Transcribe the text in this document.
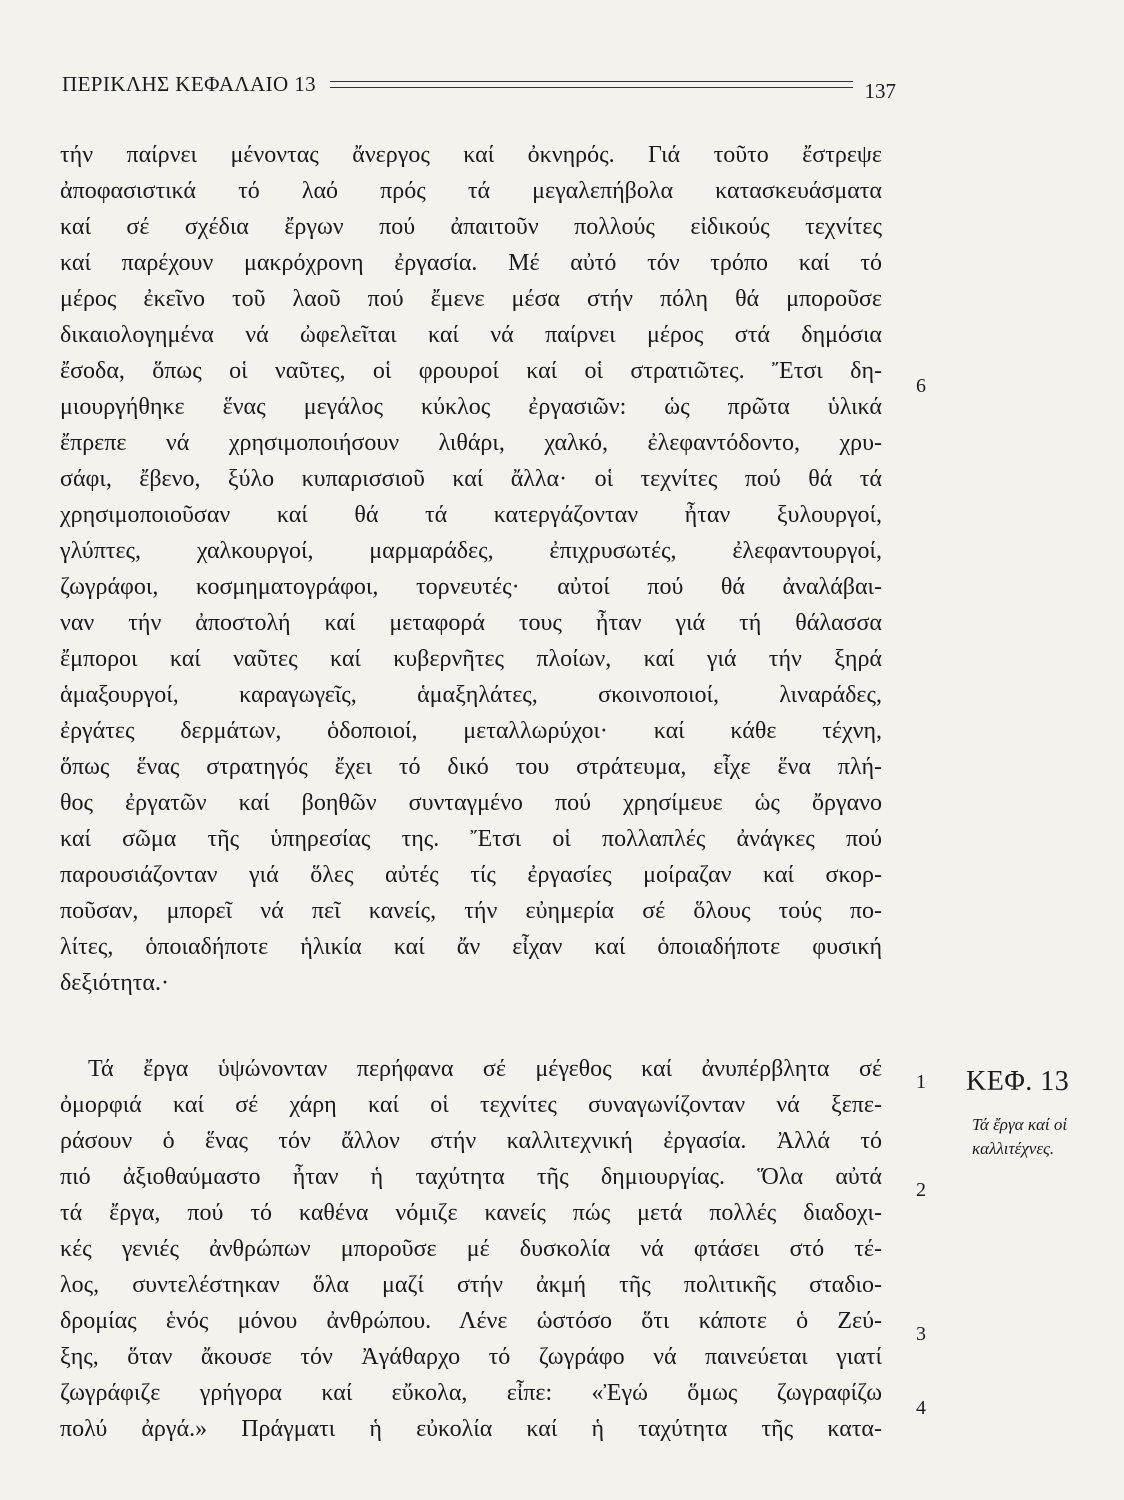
ΠΕΡΙΚΛΗΣ ΚΕΦΑΛΑΙΟ 13	137
τήν παίρνει μένοντας ἄνεργος καί ὀκνηρός. Γιά τοῦτο ἔστρεψε
ἀποφασιστικά τό λαό πρός τά μεγαλεπήβολα κατασκευάσματα
καί σέ σχέδια ἔργων πού ἀπαιτοῦν πολλούς εἰδικούς τεχνίτες
καί παρέχουν μακρόχρονη ἐργασία. Μέ αὐτό τόν τρόπο καί τό
μέρος ἐκεῖνο τοῦ λαοῦ πού ἔμενε μέσα στήν πόλη θά μποροῦσε
δικαιολογημένα νά ὠφελεῖται καί νά παίρνει μέρος στά δημόσια
ἔσοδα, ὅπως οἱ ναῦτες, οἱ φρουροί καί οἱ στρατιῶτες. Ἔτσι δη-
μιουργήθηκε ἕνας μεγάλος κύκλος ἐργασιῶν: ὡς πρῶτα ὑλικά
ἔπρεπε νά χρησιμοποιήσουν λιθάρι, χαλκό, ἐλεφαντόδοντο, χρυ-
σάφι, ἔβενο, ξύλο κυπαρισσιοῦ καί ἄλλα· οἱ τεχνίτες πού θά τά
χρησιμοποιοῦσαν καί θά τά κατεργάζονταν ἦταν ξυλουργοί,
γλύπτες, χαλκουργοί, μαρμαράδες, ἐπιχρυσωτές, ἐλεφαντουργοί,
ζωγράφοι, κοσμηματογράφοι, τορνευτές· αὐτοί πού θά ἀναλάβαι-
ναν τήν ἀποστολή καί μεταφορά τους ἦταν γιά τή θάλασσα
ἔμποροι καί ναῦτες καί κυβερνῆτες πλοίων, καί γιά τήν ξηρά
ἁμαξουργοί, καραγωγεῖς, ἁμαξηλάτες, σκοινοποιοί, λιναράδες,
ἐργάτες δερμάτων, ὁδοποιοί, μεταλλωρύχοι· καί κάθε τέχνη,
ὅπως ἕνας στρατηγός ἔχει τό δικό του στράτευμα, εἶχε ἕνα πλή-
θος ἐργατῶν καί βοηθῶν συνταγμένο πού χρησίμευε ὡς ὄργανο
καί σῶμα τῆς ὑπηρεσίας της. Ἔτσι οἱ πολλαπλές ἀνάγκες πού
παρουσιάζονταν γιά ὅλες αὐτές τίς ἐργασίες μοίραζαν καί σκορ-
ποῦσαν, μπορεῖ νά πεῖ κανείς, τήν εὐημερία σέ ὅλους τούς πο-
λίτες, ὁποιαδήποτε ἡλικία καί ἄν εἶχαν καί ὁποιαδήποτε φυσική
δεξιότητα.·
Τά ἔργα ὑψώνονταν περήφανα σέ μέγεθος καί ἀνυπέρβλητα σέ
ὀμορφιά καί σέ χάρη καί οἱ τεχνίτες συναγωνίζονταν νά ξεπε-
ράσουν ὁ ἕνας τόν ἄλλον στήν καλλιτεχνική ἐργασία. Ἀλλά τό
πιό ἀξιοθαύμαστο ἦταν ἡ ταχύτητα τῆς δημιουργίας. Ὅλα αὐτά
τά ἔργα, πού τό καθένα νόμιζε κανείς πώς μετά πολλές διαδοχι-
κές γενιές ἀνθρώπων μποροῦσε μέ δυσκολία νά φτάσει στό τέ-
λος, συντελέστηκαν ὅλα μαζί στήν ἀκμή τῆς πολιτικῆς σταδιο-
δρομίας ἑνός μόνου ἀνθρώπου. Λένε ὡστόσο ὅτι κάποτε ὁ Ζεύ-
ξης, ὅταν ἄκουσε τόν Ἀγάθαρχο τό ζωγράφο νά παινεύεται γιατί
ζωγράφιζε γρήγορα καί εὔκολα, εἶπε: «Ἐγώ ὅμως ζωγραφίζω
πολύ ἀργά.» Πράγματι ἡ εὐκολία καί ἡ ταχύτητα τῆς κατα-
6
1
2
3
4
ΚΕΦ. 13
Τά ἔργα καί οἱ
καλλιτέχνες.
